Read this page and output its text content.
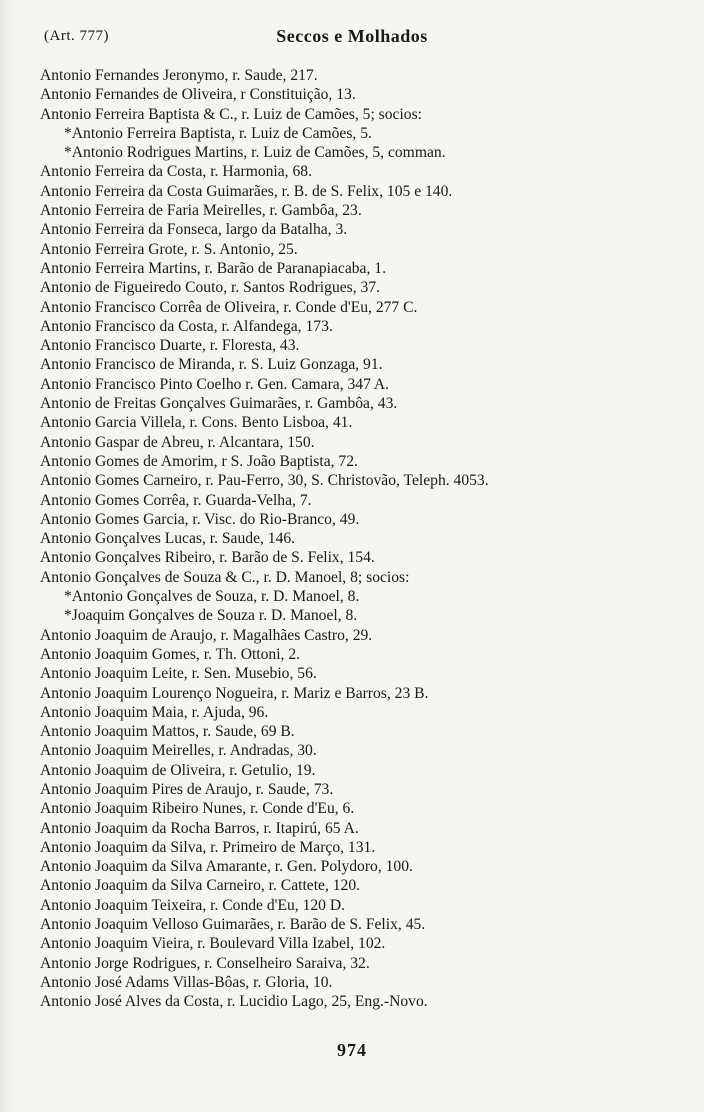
(Art. 777)	Seccos e Molhados
Antonio Fernandes Jeronymo, r. Saude, 217.
Antonio Fernandes de Oliveira, r Constituição, 13.
Antonio Ferreira Baptista & C., r. Luiz de Camões, 5; socios:
*Antonio Ferreira Baptista, r. Luiz de Camões, 5.
*Antonio Rodrigues Martins, r. Luiz de Camões, 5, comman.
Antonio Ferreira da Costa, r. Harmonia, 68.
Antonio Ferreira da Costa Guimarães, r. B. de S. Felix, 105 e 140.
Antonio Ferreira de Faria Meirelles, r. Gambôa, 23.
Antonio Ferreira da Fonseca, largo da Batalha, 3.
Antonio Ferreira Grote, r. S. Antonio, 25.
Antonio Ferreira Martins, r. Barão de Paranapiacaba, 1.
Antonio de Figueiredo Couto, r. Santos Rodrigues, 37.
Antonio Francisco Corrêa de Oliveira, r. Conde d'Eu, 277 C.
Antonio Francisco da Costa, r. Alfandega, 173.
Antonio Francisco Duarte, r. Floresta, 43.
Antonio Francisco de Miranda, r. S. Luiz Gonzaga, 91.
Antonio Francisco Pinto Coelho r. Gen. Camara, 347 A.
Antonio de Freitas Gonçalves Guimarães, r. Gambôa, 43.
Antonio Garcia Villela, r. Cons. Bento Lisboa, 41.
Antonio Gaspar de Abreu, r. Alcantara, 150.
Antonio Gomes de Amorim, r S. João Baptista, 72.
Antonio Gomes Carneiro, r. Pau-Ferro, 30, S. Christovão, Teleph. 4053.
Antonio Gomes Corrêa, r. Guarda-Velha, 7.
Antonio Gomes Garcia, r. Visc. do Rio-Branco, 49.
Antonio Gonçalves Lucas, r. Saude, 146.
Antonio Gonçalves Ribeiro, r. Barão de S. Felix, 154.
Antonio Gonçalves de Souza & C., r. D. Manoel, 8; socios:
*Antonio Gonçalves de Souza, r. D. Manoel, 8.
*Joaquim Gonçalves de Souza r. D. Manoel, 8.
Antonio Joaquim de Araujo, r. Magalhães Castro, 29.
Antonio Joaquim Gomes, r. Th. Ottoni, 2.
Antonio Joaquim Leite, r. Sen. Musebio, 56.
Antonio Joaquim Lourenço Nogueira, r. Mariz e Barros, 23 B.
Antonio Joaquim Maia, r. Ajuda, 96.
Antonio Joaquim Mattos, r. Saude, 69 B.
Antonio Joaquim Meirelles, r. Andradas, 30.
Antonio Joaquim de Oliveira, r. Getulio, 19.
Antonio Joaquim Pires de Araujo, r. Saude, 73.
Antonio Joaquim Ribeiro Nunes, r. Conde d'Eu, 6.
Antonio Joaquim da Rocha Barros, r. Itapirú, 65 A.
Antonio Joaquim da Silva, r. Primeiro de Março, 131.
Antonio Joaquim da Silva Amarante, r. Gen. Polydoro, 100.
Antonio Joaquim da Silva Carneiro, r. Cattete, 120.
Antonio Joaquim Teixeira, r. Conde d'Eu, 120 D.
Antonio Joaquim Velloso Guimarães, r. Barão de S. Felix, 45.
Antonio Joaquim Vieira, r. Boulevard Villa Izabel, 102.
Antonio Jorge Rodrigues, r. Conselheiro Saraiva, 32.
Antonio José Adams Villas-Bôas, r. Gloria, 10.
Antonio José Alves da Costa, r. Lucidio Lago, 25, Eng.-Novo.
974
